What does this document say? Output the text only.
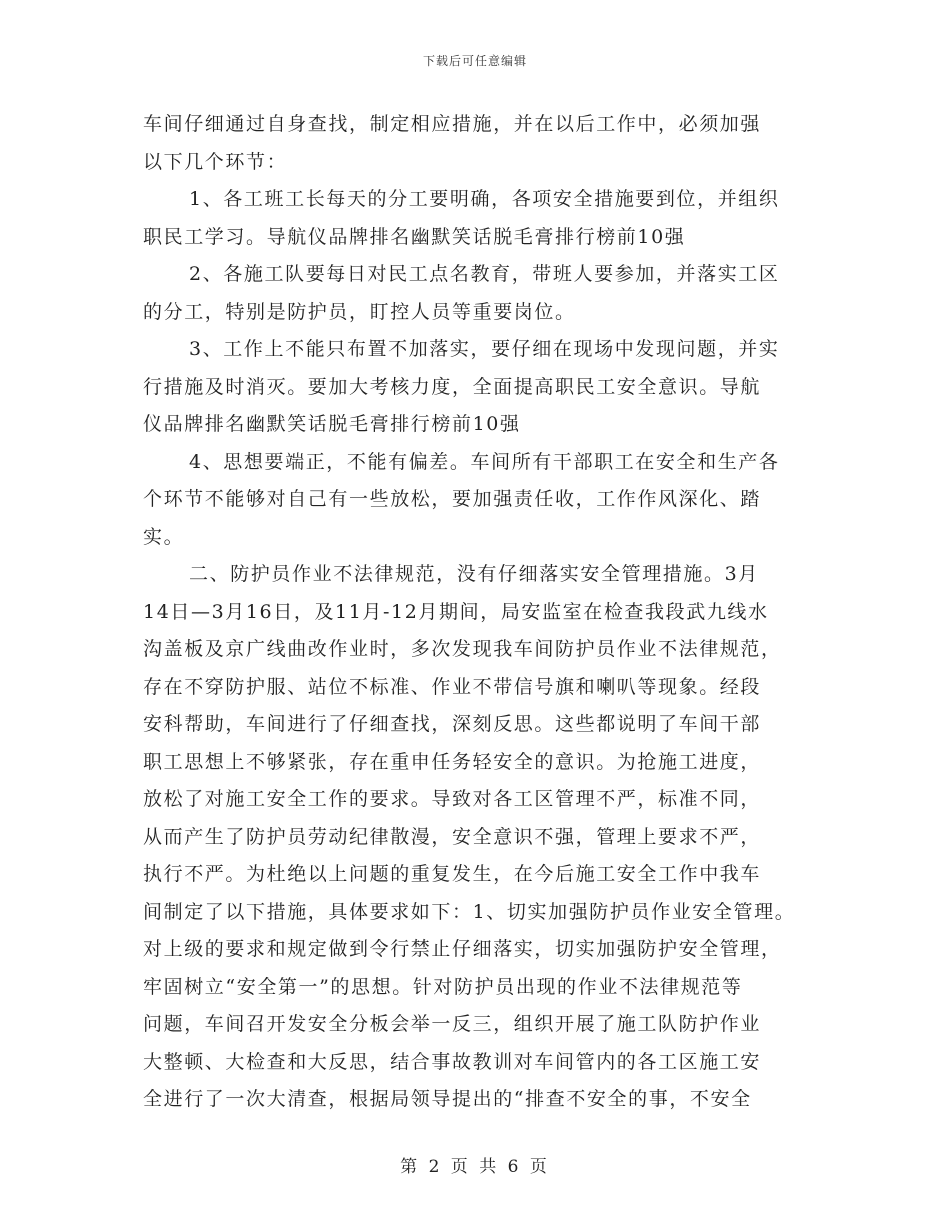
下载后可任意编辑
车间仔细通过自身查找，制定相应措施，并在以后工作中，必须加强
以下几个环节：
1、各工班工长每天的分工要明确，各项安全措施要到位，并组织
职民工学习。导航仪品牌排名幽默笑话脱毛膏排行榜前10强
2、各施工队要每日对民工点名教育，带班人要参加，并落实工区
的分工，特别是防护员，盯控人员等重要岗位。
3、工作上不能只布置不加落实，要仔细在现场中发现问题，并实
行措施及时消灭。要加大考核力度，全面提高职民工安全意识。导航
仪品牌排名幽默笑话脱毛膏排行榜前10强
4、思想要端正，不能有偏差。车间所有干部职工在安全和生产各
个环节不能够对自己有一些放松，要加强责任收，工作作风深化、踏
实。
二、防护员作业不法律规范，没有仔细落实安全管理措施。3月
14日—3月16日，及11月-12月期间，局安监室在检查我段武九线水
沟盖板及京广线曲改作业时，多次发现我车间防护员作业不法律规范，
存在不穿防护服、站位不标准、作业不带信号旗和喇叭等现象。经段
安科帮助，车间进行了仔细查找，深刻反思。这些都说明了车间干部
职工思想上不够紧张，存在重申任务轻安全的意识。为抢施工进度，
放松了对施工安全工作的要求。导致对各工区管理不严，标准不同，
从而产生了防护员劳动纪律散漫，安全意识不强，管理上要求不严，
执行不严。为杜绝以上问题的重复发生，在今后施工安全工作中我车
间制定了以下措施，具体要求如下：1、切实加强防护员作业安全管理。
对上级的要求和规定做到令行禁止仔细落实，切实加强防护安全管理，
牢固树立“安全第一”的思想。针对防护员出现的作业不法律规范等
问题，车间召开发安全分板会举一反三，组织开展了施工队防护作业
大整顿、大检查和大反思，结合事故教训对车间管内的各工区施工安
全进行了一次大清查，根据局领导提出的“排查不安全的事，不安全
第 2 页 共 6 页
